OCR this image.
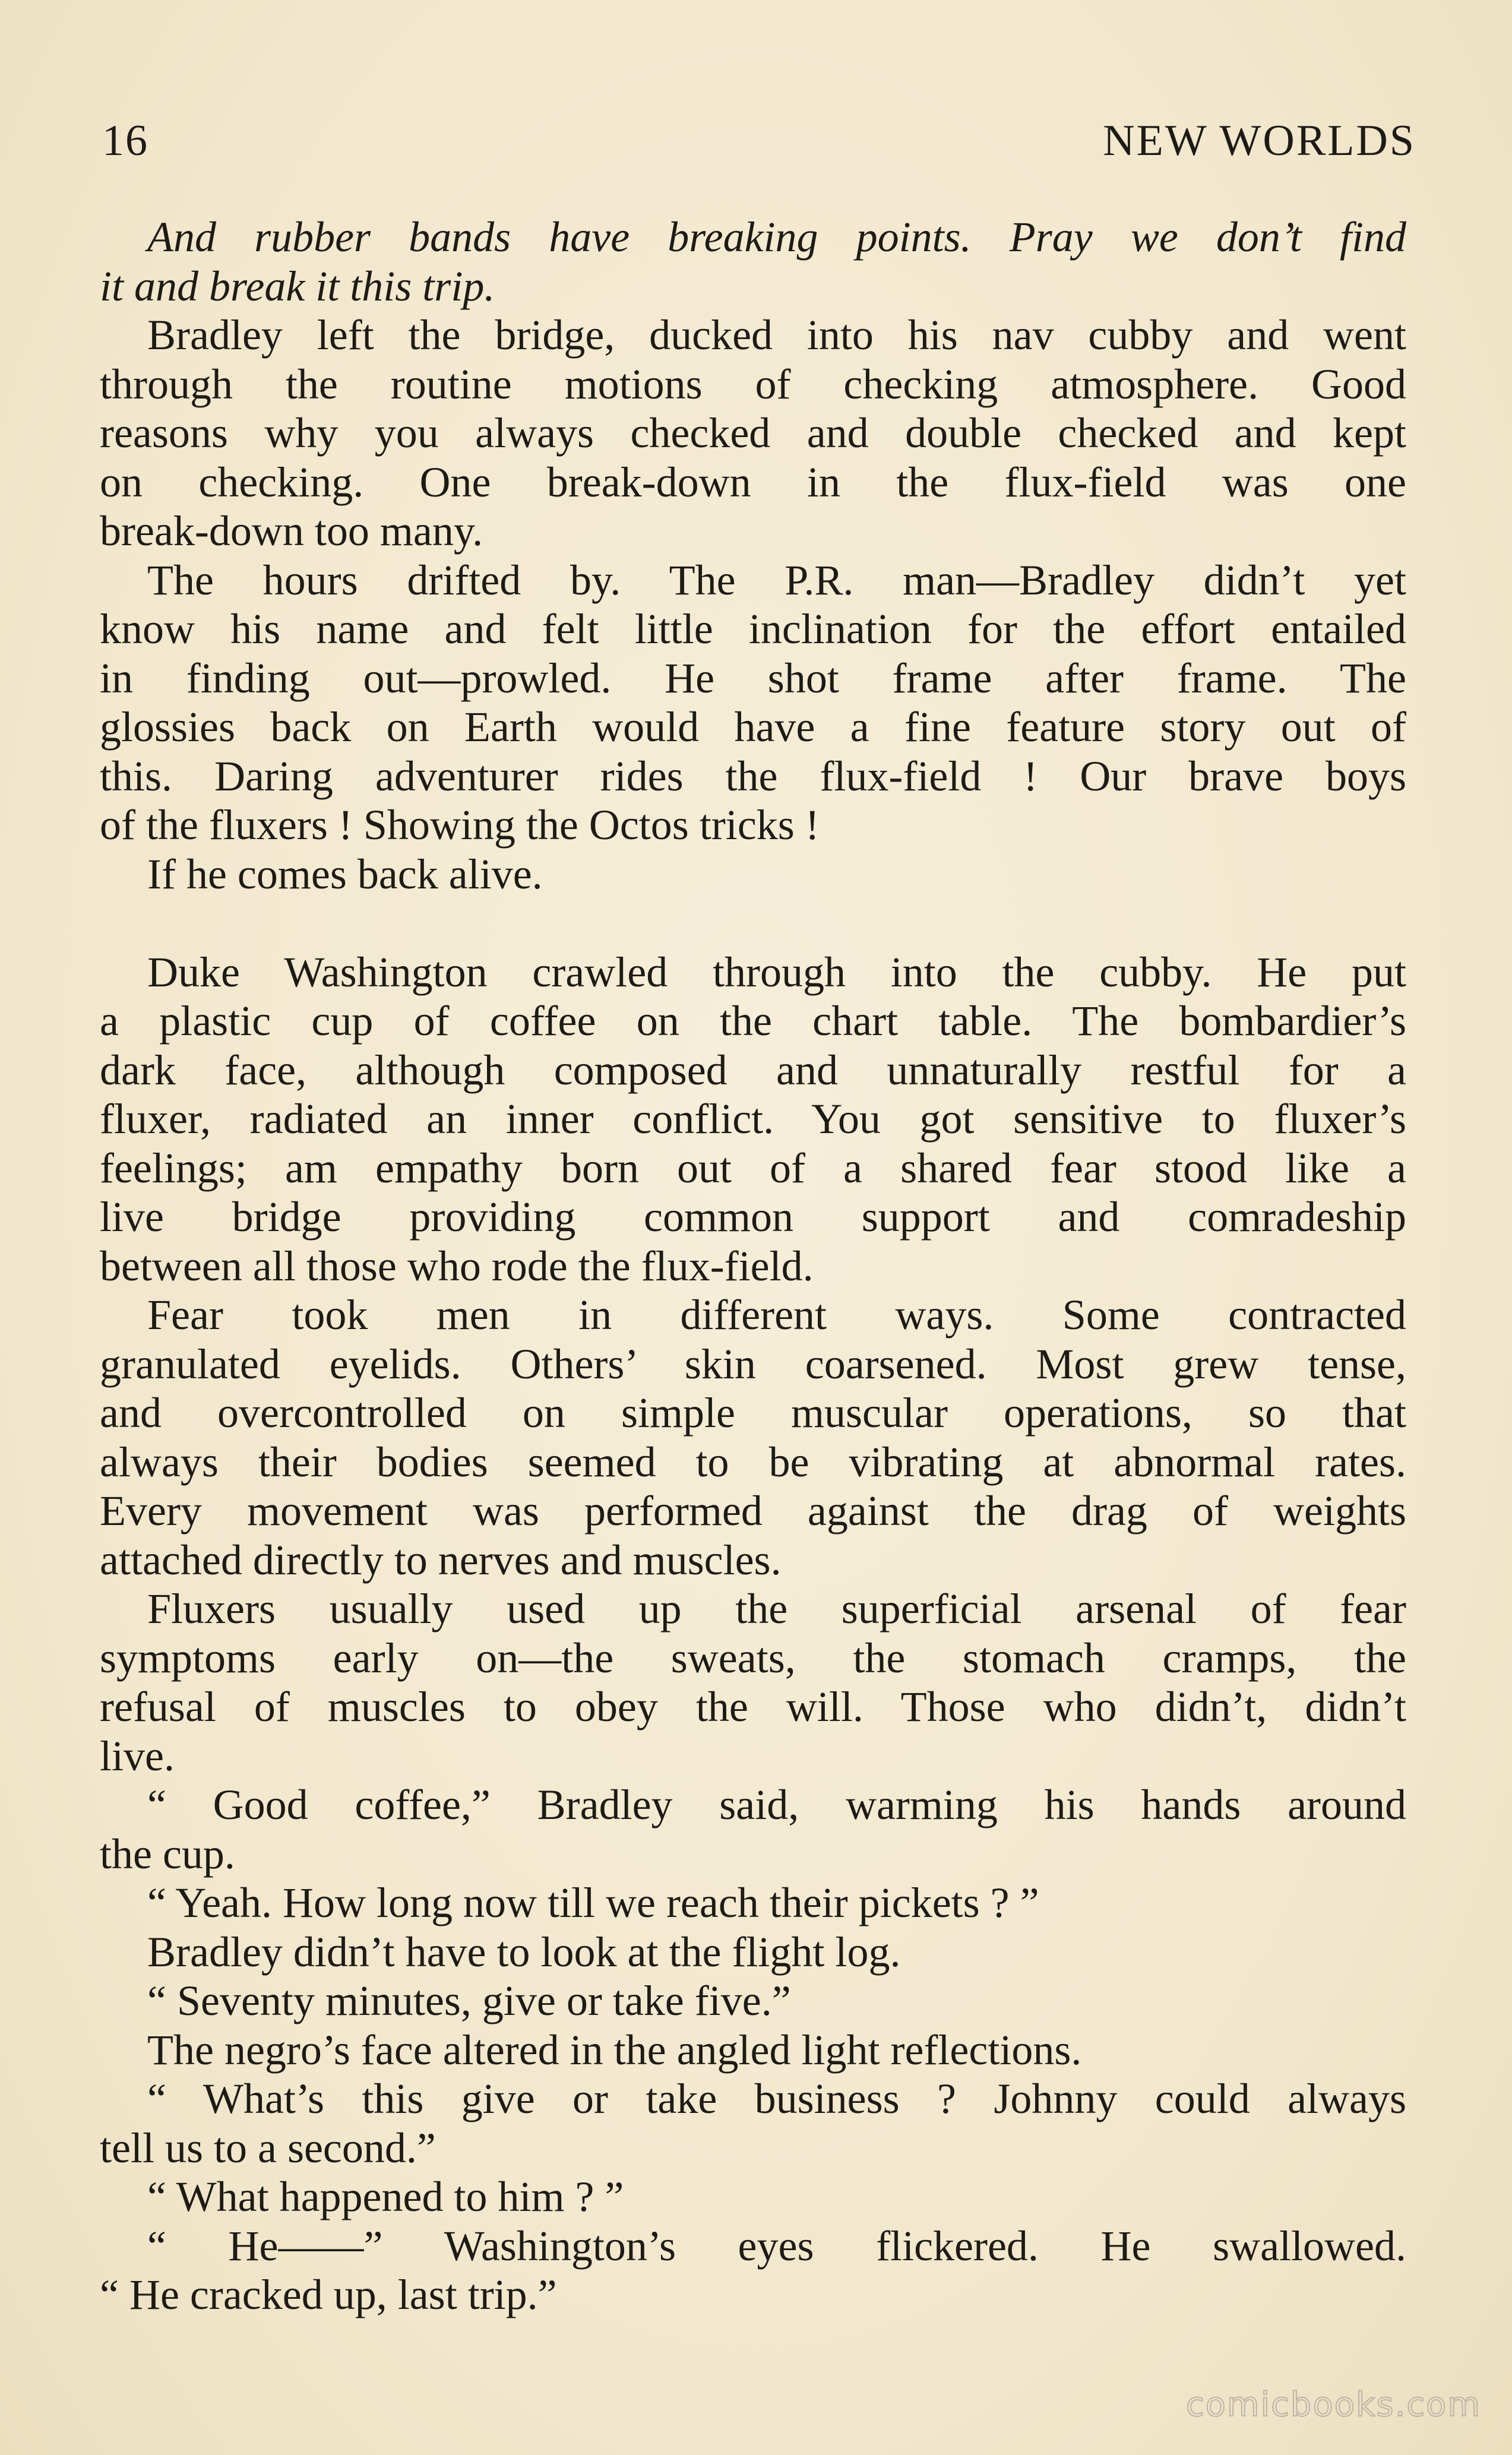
16	NEW WORLDS
And rubber bands have breaking points. Pray we don’t find
it and break it this trip.
Bradley left the bridge, ducked into his nav cubby and went
through the routine motions of checking atmosphere. Good
reasons why you always checked and double checked and kept
on checking. One break-down in the flux-field was one
break-down too many.
The hours drifted by. The P.R. man—Bradley didn’t yet
know his name and felt little inclination for the effort entailed
in finding out—prowled. He shot frame after frame. The
glossies back on Earth would have a fine feature story out of
this. Daring adventurer rides the flux-field ! Our brave boys
of the fluxers ! Showing the Octos tricks !
If he comes back alive.
Duke Washington crawled through into the cubby. He put
a plastic cup of coffee on the chart table. The bombardier’s
dark face, although composed and unnaturally restful for a
fluxer, radiated an inner conflict. You got sensitive to fluxer’s
feelings; am empathy born out of a shared fear stood like a
live bridge providing common support and comradeship
between all those who rode the flux-field.
Fear took men in different ways. Some contracted
granulated eyelids. Others’ skin coarsened. Most grew tense,
and overcontrolled on simple muscular operations, so that
always their bodies seemed to be vibrating at abnormal rates.
Every movement was performed against the drag of weights
attached directly to nerves and muscles.
Fluxers usually used up the superficial arsenal of fear
symptoms early on—the sweats, the stomach cramps, the
refusal of muscles to obey the will. Those who didn’t, didn’t
live.
“ Good coffee,” Bradley said, warming his hands around
the cup.
“ Yeah. How long now till we reach their pickets ? ”
Bradley didn’t have to look at the flight log.
“ Seventy minutes, give or take five.”
The negro’s face altered in the angled light reflections.
“ What’s this give or take business ? Johnny could always
tell us to a second.”
“ What happened to him ? ”
“ He——” Washington’s eyes flickered. He swallowed.
“ He cracked up, last trip.”
comicbooks.com
